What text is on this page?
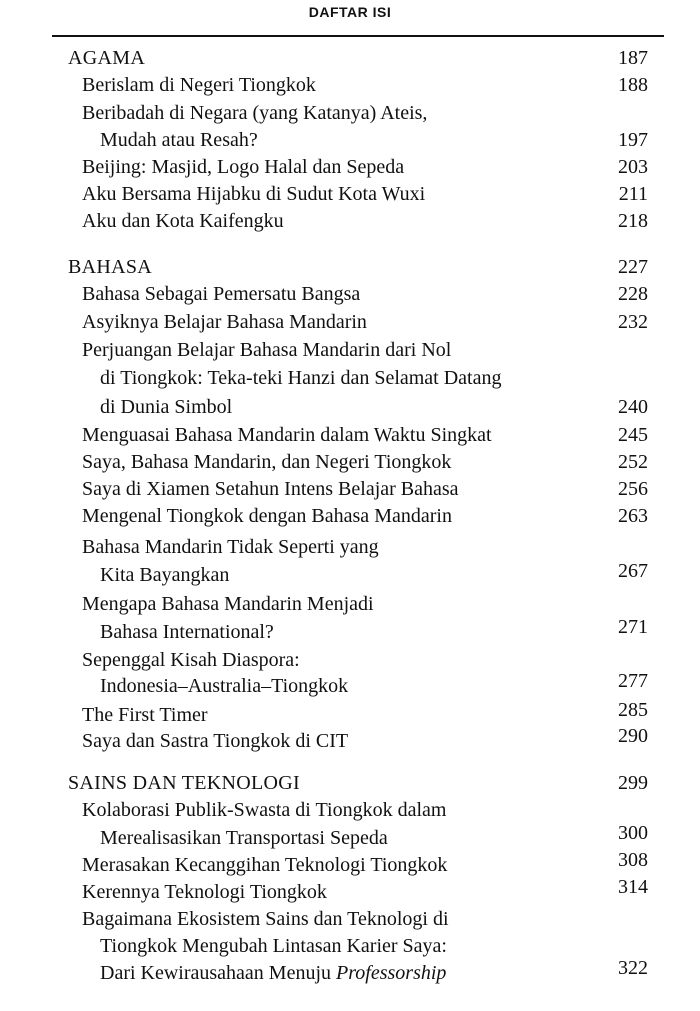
DAFTAR ISI
AGAMA	187
Berislam di Negeri Tiongkok	188
Beribadah di Negara (yang Katanya) Ateis,
Mudah atau Resah?	197
Beijing: Masjid, Logo Halal dan Sepeda	203
Aku Bersama Hijabku di Sudut Kota Wuxi	211
Aku dan Kota Kaifengku	218
BAHASA	227
Bahasa Sebagai Pemersatu Bangsa	228
Asyiknya Belajar Bahasa Mandarin	232
Perjuangan Belajar Bahasa Mandarin dari Nol
di Tiongkok: Teka-teki Hanzi dan Selamat Datang
di Dunia Simbol	240
Menguasai Bahasa Mandarin dalam Waktu Singkat	245
Saya, Bahasa Mandarin, dan Negeri Tiongkok	252
Saya di Xiamen Setahun Intens Belajar Bahasa	256
Mengenal Tiongkok dengan Bahasa Mandarin	263
Bahasa Mandarin Tidak Seperti yang
Kita Bayangkan	267
Mengapa Bahasa Mandarin Menjadi
Bahasa International?	271
Sepenggal Kisah Diaspora:
Indonesia–Australia–Tiongkok	277
The First Timer	285
Saya dan Sastra Tiongkok di CIT	290
SAINS DAN TEKNOLOGI	299
Kolaborasi Publik-Swasta di Tiongkok dalam
Merealisasikan Transportasi Sepeda	300
Merasakan Kecanggihan Teknologi Tiongkok	308
Kerennya Teknologi Tiongkok	314
Bagaimana Ekosistem Sains dan Teknologi di
Tiongkok Mengubah Lintasan Karier Saya:
Dari Kewirausahaan Menuju Professorship	322
